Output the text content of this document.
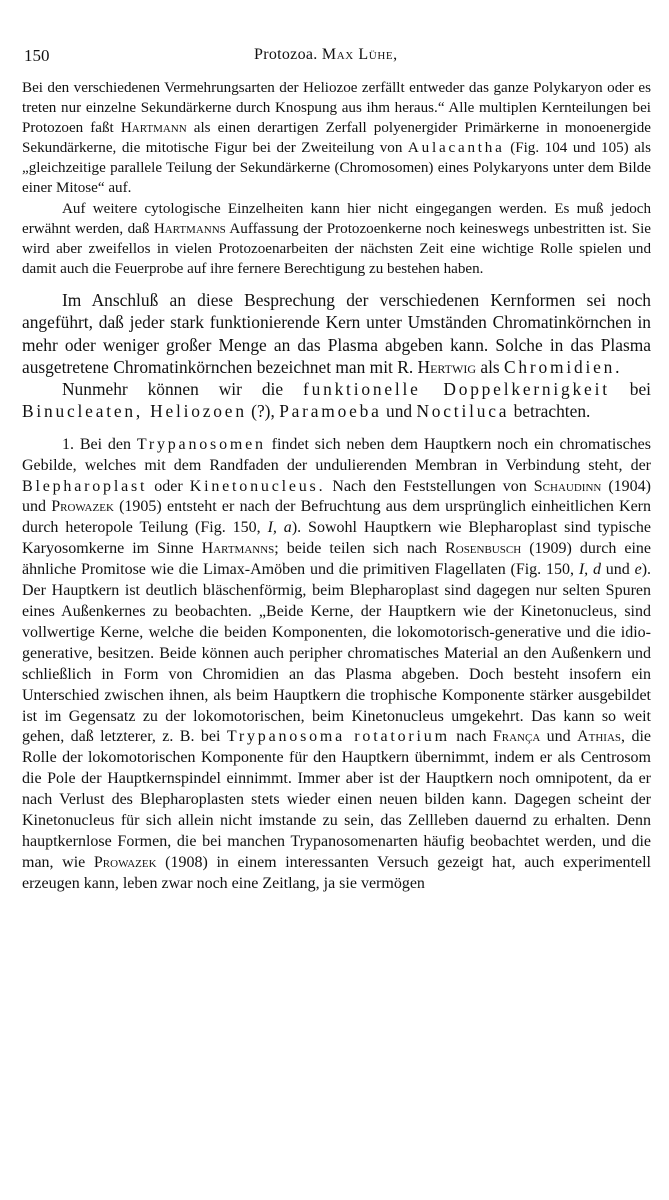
150	Protozoa. Max Lühe,

Bei den verschiedenen Vermehrungsarten der Heliozoe zerfällt entweder das ganze Polykaryon oder es treten nur einzelne Sekundärkerne durch Knospung aus ihm heraus.“ Alle multiplen Kernteilungen bei Protozoen faßt Hartmann als einen derartigen Zerfall polyenergider Primärkerne in monoenergide Sekundärkerne, die mitotische Figur bei der Zweiteilung von Aulacantha (Fig. 104 und 105) als „gleichzeitige parallele Teilung der Sekundärkerne (Chromosomen) eines Polykaryons unter dem Bilde einer Mitose“ auf.

Auf weitere cytologische Einzelheiten kann hier nicht eingegangen werden. Es muß jedoch erwähnt werden, daß Hartmanns Auffassung der Protozoenkerne noch keineswegs unbestritten ist. Sie wird aber zweifellos in vielen Protozoenarbeiten der nächsten Zeit eine wichtige Rolle spielen und damit auch die Feuerprobe auf ihre fernere Berechtigung zu bestehen haben.

Im Anschluß an diese Besprechung der verschiedenen Kernformen sei noch angeführt, daß jeder stark funktionierende Kern unter Umständen Chromatinkörnchen in mehr oder weniger großer Menge an das Plasma abgeben kann. Solche in das Plasma ausgetretene Chromatinkörnchen bezeichnet man mit R. Hertwig als Chromidien.

Nunmehr können wir die funktionelle Doppelkernigkeit bei Binucleaten, Heliozoen (?), Paramoeba und Noctiluca betrachten.

1. Bei den Trypanosomen findet sich neben dem Hauptkern noch ein chromatisches Gebilde, welches mit dem Randfaden der undulierenden Membran in Verbindung steht, der Blepharoplast oder Kinetonucleus. Nach den Feststellungen von Schaudinn (1904) und Prowazek (1905) entsteht er nach der Befruchtung aus dem ursprünglich einheitlichen Kern durch heteropole Teilung (Fig. 150, I, a). Sowohl Hauptkern wie Blepharoplast sind typische Karyosomkerne im Sinne Hartmanns; beide teilen sich nach Rosenbusch (1909) durch eine ähnliche Promitose wie die Limax-Amöben und die primitiven Flagellaten (Fig. 150, I, d und e). Der Hauptkern ist deutlich bläschenförmig, beim Blepharoplast sind dagegen nur selten Spuren eines Außenkernes zu beobachten. „Beide Kerne, der Hauptkern wie der Kinetonucleus, sind vollwertige Kerne, welche die beiden Komponenten, die lokomotorisch-generative und die idio-generative, besitzen. Beide können auch peripher chromatisches Material an den Außenkern und schließlich in Form von Chromidien an das Plasma abgeben. Doch besteht insofern ein Unterschied zwischen ihnen, als beim Hauptkern die trophische Komponente stärker ausgebildet ist im Gegensatz zu der lokomotorischen, beim Kinetonucleus umgekehrt. Das kann so weit gehen, daß letzterer, z. B. bei Trypanosoma rotatorium nach França und Athias, die Rolle der lokomotorischen Komponente für den Hauptkern übernimmt, indem er als Centrosom die Pole der Hauptkernspindel einnimmt. Immer aber ist der Hauptkern noch omnipotent, da er nach Verlust des Blepharoplasten stets wieder einen neuen bilden kann. Dagegen scheint der Kinetonucleus für sich allein nicht imstande zu sein, das Zellleben dauernd zu erhalten. Denn hauptkernlose Formen, die bei manchen Trypanosomenarten häufig beobachtet werden, und die man, wie Prowazek (1908) in einem interessanten Versuch gezeigt hat, auch experimentell erzeugen kann, leben zwar noch eine Zeitlang, ja sie vermögen
